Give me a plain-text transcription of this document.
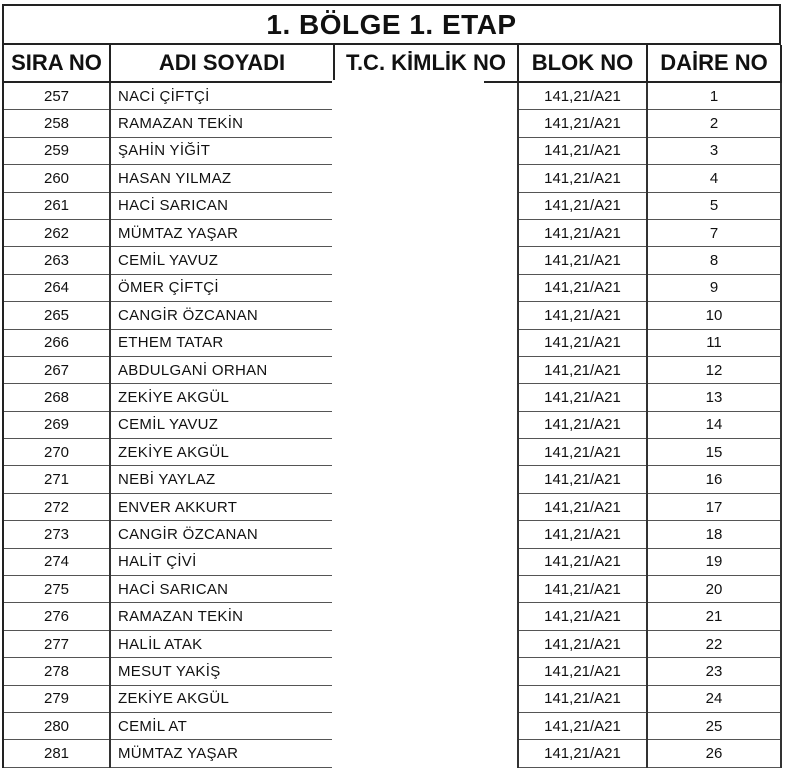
1. BÖLGE 1. ETAP
SIRA NO	ADI SOYADI	T.C. KİMLİK NO	BLOK NO	DAİRE NO
257	NACİ ÇİFTÇİ		141,21/A21	1
258	RAMAZAN TEKİN		141,21/A21	2
259	ŞAHİN YİĞİT		141,21/A21	3
260	HASAN YILMAZ		141,21/A21	4
261	HACİ SARICAN		141,21/A21	5
262	MÜMTAZ YAŞAR		141,21/A21	7
263	CEMİL YAVUZ		141,21/A21	8
264	ÖMER ÇİFTÇİ		141,21/A21	9
265	CANGİR ÖZCANAN		141,21/A21	10
266	ETHEM TATAR		141,21/A21	11
267	ABDULGANİ ORHAN		141,21/A21	12
268	ZEKİYE AKGÜL		141,21/A21	13
269	CEMİL YAVUZ		141,21/A21	14
270	ZEKİYE AKGÜL		141,21/A21	15
271	NEBİ YAYLAZ		141,21/A21	16
272	ENVER AKKURT		141,21/A21	17
273	CANGİR ÖZCANAN		141,21/A21	18
274	HALİT ÇİVİ		141,21/A21	19
275	HACİ SARICAN		141,21/A21	20
276	RAMAZAN TEKİN		141,21/A21	21
277	HALİL ATAK		141,21/A21	22
278	MESUT YAKİŞ		141,21/A21	23
279	ZEKİYE AKGÜL		141,21/A21	24
280	CEMİL AT		141,21/A21	25
281	MÜMTAZ YAŞAR		141,21/A21	26
